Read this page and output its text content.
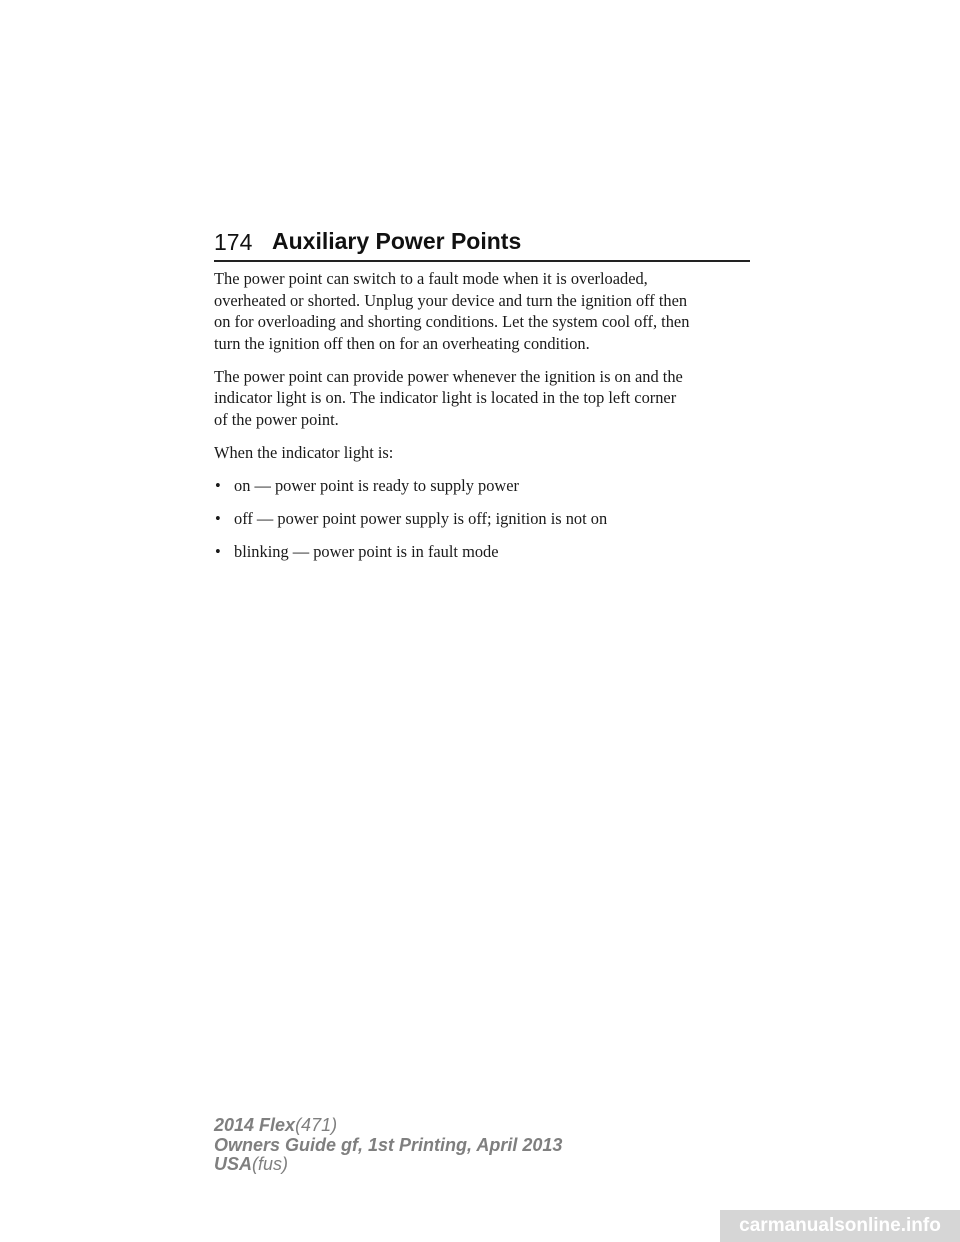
174 Auxiliary Power Points

The power point can switch to a fault mode when it is overloaded,
overheated or shorted. Unplug your device and turn the ignition off then
on for overloading and shorting conditions. Let the system cool off, then
turn the ignition off then on for an overheating condition.

The power point can provide power whenever the ignition is on and the
indicator light is on. The indicator light is located in the top left corner
of the power point.

When the indicator light is:

• on — power point is ready to supply power
• off — power point power supply is off; ignition is not on
• blinking — power point is in fault mode
2014 Flex(471)
Owners Guide gf, 1st Printing, April 2013
USA(fus)
carmanualsonline.info
